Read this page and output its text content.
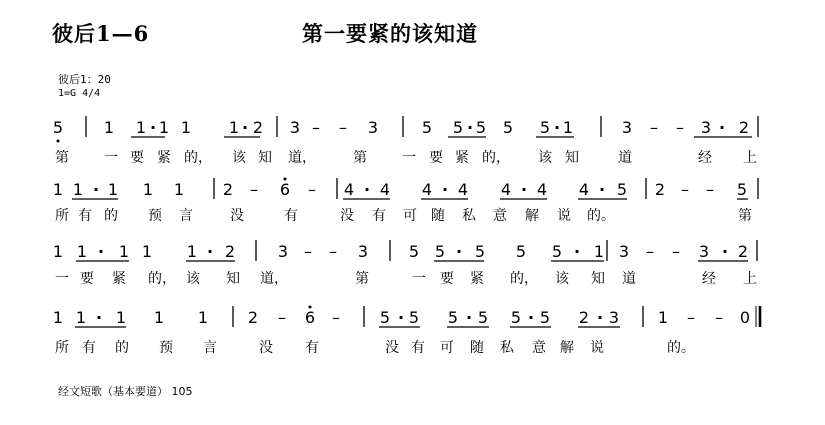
彼后1—6	第一要紧的该知道
彼后1：20
1=G 4/4
5	1 1 · 1 1 1 · 2 3 – – 3	5 5 · 5 5 5 · 1	3 – – 3 · 2
第	一 要 紧 的， 该 知 道，	第	一 要 紧 的， 该 知	道	经 上
1 1 · 1 1 1 2 – 6 – 4 · 4 4 · 4 4 · 4 4 · 5 2 – – 5
所 有 的 预 言	没	有	没 有 可 随 私 意 解 说 的。	第
1 1 · 1 1 1 · 2	3 – – 3	5 5 · 5 5 5 · 1 3 – – 3 · 2
一 要 紧 的， 该 知 道，	第	一 要 紧 的， 该 知 道	经 上
1 1 · 1 1 1 2 – 6 – 5 · 5 5 · 5 5 · 5 2 · 3 1 – – 0
所 有 的 预 言	没 有	没 有 可 随 私 意 解 说	的。
经文短歌（基本要道） 105
